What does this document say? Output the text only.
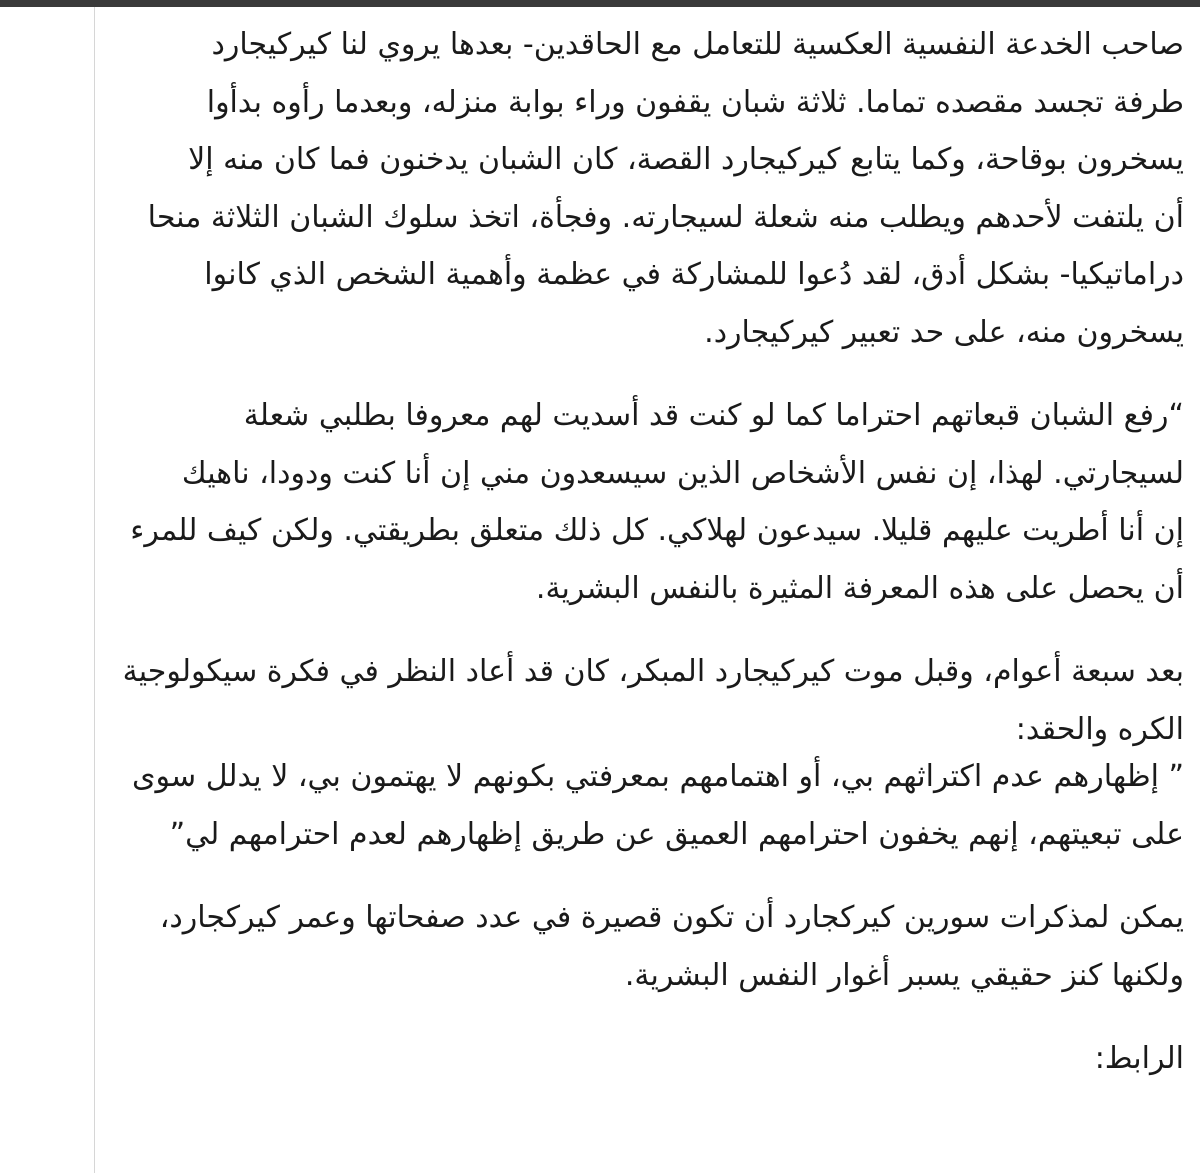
صاحب الخدعة النفسية العكسية للتعامل مع الحاقدين- بعدها يروي لنا كيركيجارد
طرفة تجسد مقصده تماما. ثلاثة شبان يقفون وراء بوابة منزله، وبعدما رأوه بدأوا
يسخرون بوقاحة، وكما يتابع كيركيجارد القصة، كان الشبان يدخنون فما كان منه إلا
أن يلتفت لأحدهم ويطلب منه شعلة لسيجارته. وفجأة، اتخذ سلوك الشبان الثلاثة منحا
دراماتيكيا- بشكل أدق، لقد دُعوا للمشاركة في عظمة وأهمية الشخص الذي كانوا
يسخرون منه، على حد تعبير كيركيجارد.
“رفع الشبان قبعاتهم احتراما كما لو كنت قد أسديت لهم معروفا بطلبي شعلة
لسيجارتي. لهذا، إن نفس الأشخاص الذين سيسعدون مني إن أنا كنت ودودا، ناهيك
إن أنا أطريت عليهم قليلا. سيدعون لهلاكي. كل ذلك متعلق بطريقتي. ولكن كيف للمرء
أن يحصل على هذه المعرفة المثيرة بالنفس البشرية.
بعد سبعة أعوام، وقبل موت كيركيجارد المبكر، كان قد أعاد النظر في فكرة سيكولوجية
الكره والحقد:
” إظهارهم عدم اكتراثهم بي، أو اهتمامهم بمعرفتي بكونهم لا يهتمون بي، لا يدلل سوى
على تبعيتهم، إنهم يخفون احترامهم العميق عن طريق إظهارهم لعدم احترامهم لي”
يمكن لمذكرات سورين كيركجارد أن تكون قصيرة في عدد صفحاتها وعمر كيركجارد،
ولكنها كنز حقيقي يسبر أغوار النفس البشرية.
الرابط:
